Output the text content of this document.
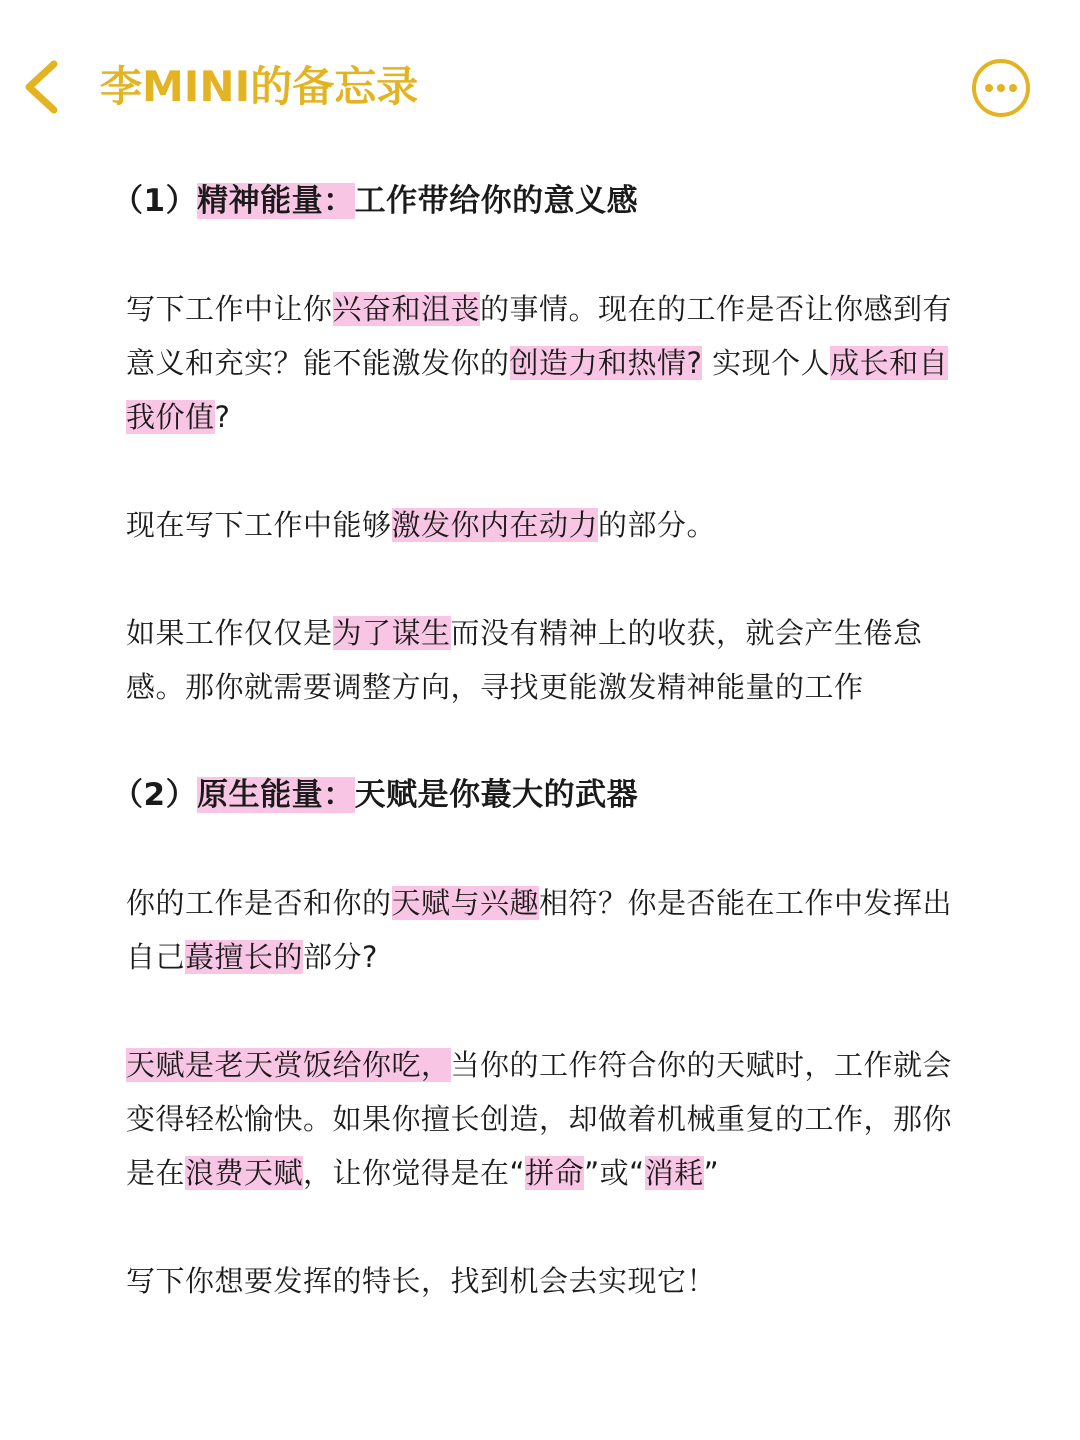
李MINI的备忘录
（1）精神能量：工作带给你的意义感
写下工作中让你兴奋和沮丧的事情。现在的工作是否让你感到有意义和充实？能不能激发你的创造力和热情? 实现个人成长和自我价值?
现在写下工作中能够激发你内在动力的部分。
如果工作仅仅是为了谋生而没有精神上的收获，就会产生倦怠感。那你就需要调整方向，寻找更能激发精神能量的工作
（2）原生能量：天赋是你蕞大的武器
你的工作是否和你的天赋与兴趣相符？你是否能在工作中发挥出自己蕞擅长的部分?
天赋是老天赏饭给你吃，当你的工作符合你的天赋时，工作就会变得轻松愉快。如果你擅长创造，却做着机械重复的工作，那你是在浪费天赋，让你觉得是在“拼命”或“消耗”
写下你想要发挥的特长，找到机会去实现它！
